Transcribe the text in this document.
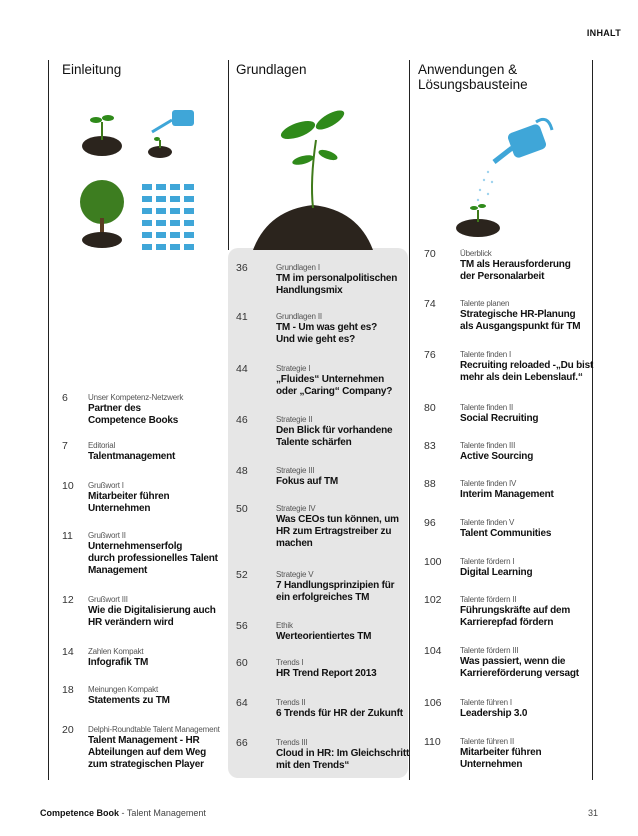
INHALT
Einleitung	Grundlagen	Anwendungen &
Lösungsbausteine
6	Unser Kompetenz-Netzwerk
Partner des
Competence Books
7	Editorial
Talentmanagement
10	Grußwort I
Mitarbeiter führen
Unternehmen
11	Grußwort II
Unternehmenserfolg
durch professionelles Talent
Management
12	Grußwort III
Wie die Digitalisierung auch
HR verändern wird
14	Zahlen Kompakt
Infografik TM
18	Meinungen Kompakt
Statements zu TM
20	Delphi-Roundtable Talent Management
Talent Management - HR
Abteilungen auf dem Weg
zum strategischen Player
36	Grundlagen I
TM im personalpolitischen
Handlungsmix
41	Grundlagen II
TM - Um was geht es?
Und wie geht es?
44	Strategie I
„Fluides“ Unternehmen
oder „Caring“ Company?
46	Strategie II
Den Blick für vorhandene
Talente schärfen
48	Strategie III
Fokus auf TM
50	Strategie IV
Was CEOs tun können, um
HR zum Ertragstreiber zu
machen
52	Strategie V
7 Handlungsprinzipien für
ein erfolgreiches TM
56	Ethik
Werteorientiertes TM
60	Trends I
HR Trend Report 2013
64	Trends II
6 Trends für HR der Zukunft
66	Trends III
Cloud in HR: Im Gleichschritt
mit den Trends“
70	Überblick
TM als Herausforderung
der Personalarbeit
74	Talente planen
Strategische HR-Planung
als Ausgangspunkt für TM
76	Talente finden I
Recruiting reloaded -„Du bist
mehr als dein Lebenslauf.“
80	Talente finden II
Social Recruiting
83	Talente finden III
Active Sourcing
88	Talente finden IV
Interim Management
96	Talente finden V
Talent Communities
100	Talente fördern I
Digital Learning
102	Talente fördern II
Führungskräfte auf dem
Karrierepfad fördern
104	Talente fördern III
Was passiert, wenn die
Karriereförderung versagt
106	Talente führen I
Leadership 3.0
110	Talente führen II
Mitarbeiter führen
Unternehmen
Competence Book - Talent Management	31
